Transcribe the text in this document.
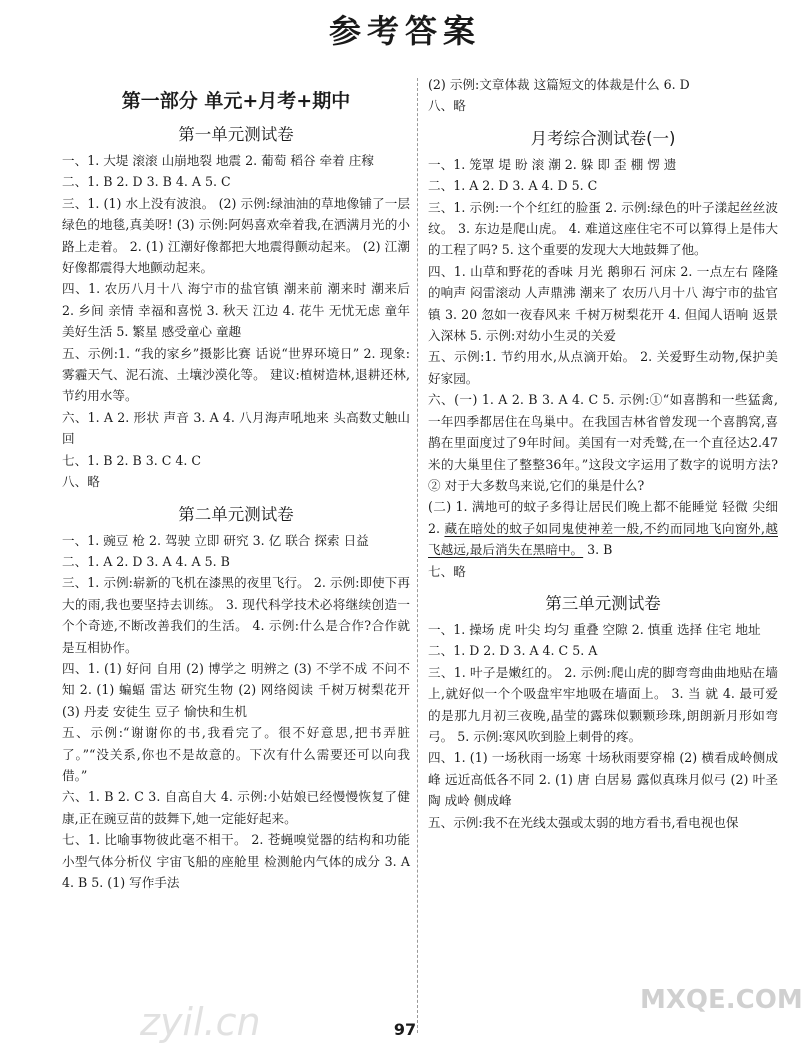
参考答案
第一部分 单元+月考+期中
第一单元测试卷

一、1. 大堤 滚滚 山崩地裂 地震 2. 葡萄 稻谷 牵着 庄稼

二、1. B 2. D 3. B 4. A 5. C

三、1. (1) 水上没有波浪。 (2) 示例:绿油油的草地像铺了一层绿色的地毯,真美呀! (3) 示例:阿妈喜欢牵着我,在洒满月光的小路上走着。 2. (1) 江潮好像都把大地震得颤动起来。 (2) 江潮好像都震得大地颤动起来。

四、1. 农历八月十八 海宁市的盐官镇 潮来前 潮来时 潮来后 2. 乡间 亲情 幸福和喜悦 3. 秋天 江边 4. 花牛 无忧无虑 童年美好生活 5. 繁星 感受童心 童趣

五、示例:1. “我的家乡”摄影比赛 话说“世界环境日” 2. 现象:雾霾天气、泥石流、土壤沙漠化等。 建议:植树造林,退耕还林,节约用水等。

六、1. A 2. 形状 声音 3. A 4. 八月海声吼地来 头高数丈触山回

七、1. B 2. B 3. C 4. C

八、略

第二单元测试卷

一、1. 豌豆 枪 2. 驾驶 立即 研究 3. 亿 联合 探索 日益

二、1. A 2. D 3. A 4. A 5. B

三、1. 示例:崭新的飞机在漆黑的夜里飞行。 2. 示例:即使下再大的雨,我也要坚持去训练。 3. 现代科学技术必将继续创造一个个奇迹,不断改善我们的生活。 4. 示例:什么是合作?合作就是互相协作。

四、1. (1) 好问 自用 (2) 博学之 明辨之 (3) 不学不成 不问不知 2. (1) 蝙蝠 雷达 研究生物 (2) 网络阅读 千树万树梨花开 (3) 丹麦 安徒生 豆子 愉快和生机

五、示例:“谢谢你的书,我看完了。很不好意思,把书弄脏了。”“没关系,你也不是故意的。下次有什么需要还可以向我借。”

六、1. B 2. C 3. 自高自大 4. 示例:小姑娘已经慢慢恢复了健康,正在豌豆苗的鼓舞下,她一定能好起来。

七、1. 比喻事物彼此毫不相干。 2. 苍蝇嗅觉器的结构和功能 小型气体分析仪 宇宙飞船的座舱里 检测舱内气体的成分 3. A 4. B 5. (1) 写作手法

(2) 示例:文章体裁 这篇短文的体裁是什么 6. D

八、略

月考综合测试卷(一)

一、1. 笼罩 堤 盼 滚 潮 2. 躲 即 歪 棚 愣 遗

二、1. A 2. D 3. A 4. D 5. C

三、1. 示例:一个个红红的脸蛋 2. 示例:绿色的叶子漾起丝丝波纹。 3. 东边是爬山虎。 4. 难道这座住宅不可以算得上是伟大的工程了吗? 5. 这个重要的发现大大地鼓舞了他。

四、1. 山草和野花的香味 月光 鹅卵石 河床 2. 一点左右 隆隆的响声 闷雷滚动 人声鼎沸 潮来了 农历八月十八 海宁市的盐官镇 3. 20 忽如一夜春风来 千树万树梨花开 4. 但闻人语响 返景入深林 5. 示例:对幼小生灵的关爱

五、示例:1. 节约用水,从点滴开始。 2. 关爱野生动物,保护美好家园。

六、(一) 1. A 2. B 3. A 4. C 5. 示例:①“如喜鹊和一些猛禽,一年四季都居住在鸟巢中。在我国吉林省曾发现一个喜鹊窝,喜鹊在里面度过了9年时间。美国有一对秃鹫,在一个直径达2.47米的大巢里住了整整36年。”这段文字运用了数字的说明方法? ② 对于大多数鸟来说,它们的巢是什么?

(二) 1. 满地可的蚊子多得让居民们晚上都不能睡觉 轻微 尖细 2. 藏在暗处的蚊子如同鬼使神差一般,不约而同地飞向窗外,越飞越远,最后消失在黑暗中。 3. B

七、略

第三单元测试卷

一、1. 操场 虎 叶尖 均匀 重叠 空隙 2. 慎重 选择 住宅 地址

二、1. D 2. D 3. A 4. C 5. A

三、1. 叶子是嫩红的。 2. 示例:爬山虎的脚弯弯曲曲地贴在墙上,就好似一个个吸盘牢牢地吸在墙面上。 3. 当 就 4. 最可爱的是那九月初三夜晚,晶莹的露珠似颗颗珍珠,朗朗新月形如弯弓。 5. 示例:寒风吹到脸上刺骨的疼。

四、1. (1) 一场秋雨一场寒 十场秋雨要穿棉 (2) 横看成岭侧成峰 远近高低各不同 2. (1) 唐 白居易 露似真珠月似弓 (2) 叶圣陶 成岭 侧成峰

五、示例:我不在光线太强或太弱的地方看书,看电视也保

zyil.cn	MXQE.COM
97
